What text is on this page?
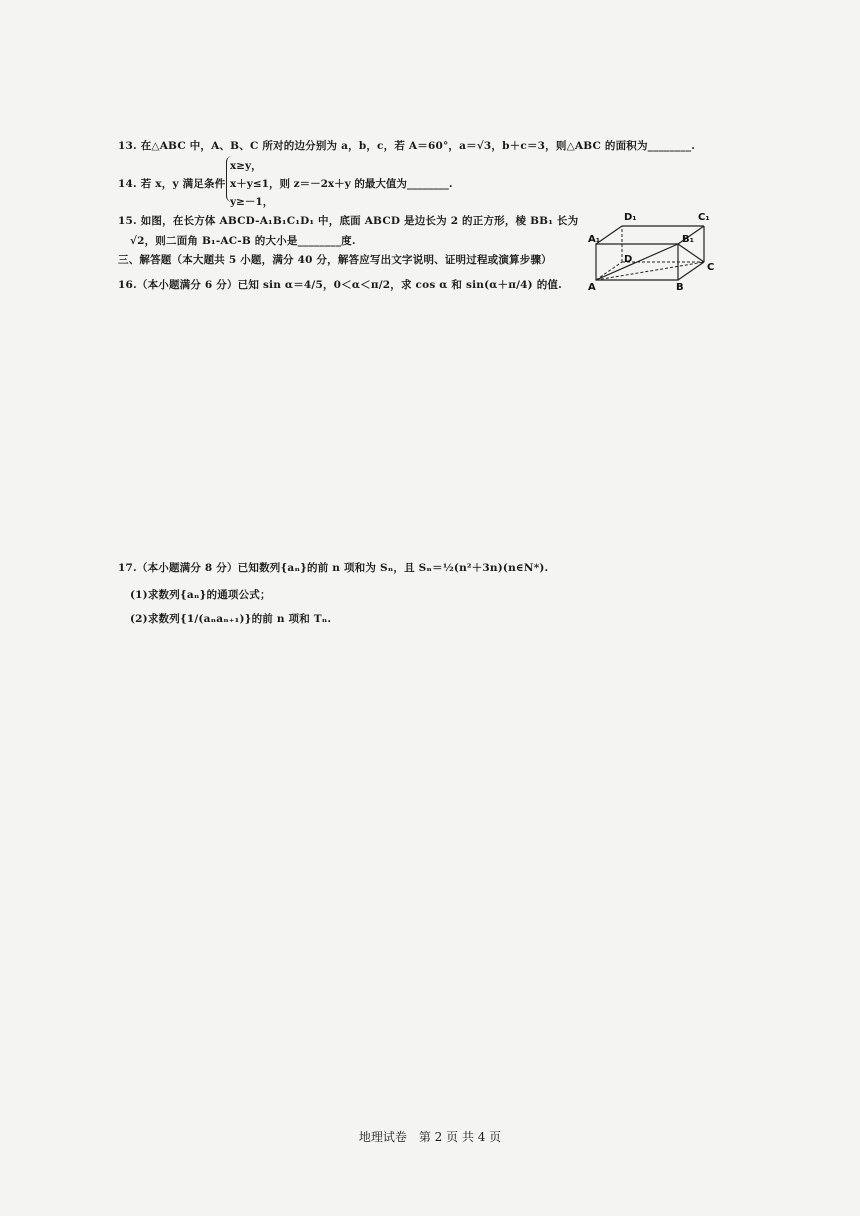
13. 在△ABC 中，A、B、C 所对的边分别为 a，b，c，若 A＝60°，a＝√3，b＋c＝3，则△ABC 的面积为________.
14. 若 x，y 满足条件
x≥y，
x＋y≤1，则 z＝－2x＋y 的最大值为________.
y≥－1，
15. 如图，在长方体 ABCD-A₁B₁C₁D₁ 中，底面 ABCD 是边长为 2 的正方形，棱 BB₁ 长为
√2，则二面角 B₁-AC-B 的大小是________度.
三、解答题（本大题共 5 小题，满分 40 分，解答应写出文字说明、证明过程或演算步骤）
16.（本小题满分 6 分）已知 sin α＝4/5，0＜α＜π/2，求 cos α 和 sin(α＋π/4) 的值.	A	B
C
D
A₁	B₁
C₁
D₁
17.（本小题满分 8 分）已知数列{aₙ}的前 n 项和为 Sₙ，且 Sₙ＝½(n²＋3n)(n∈N*).
(1)求数列{aₙ}的通项公式；
(2)求数列{1/(aₙaₙ₊₁)}的前 n 项和 Tₙ.
地理试卷　第 2 页 共 4 页
